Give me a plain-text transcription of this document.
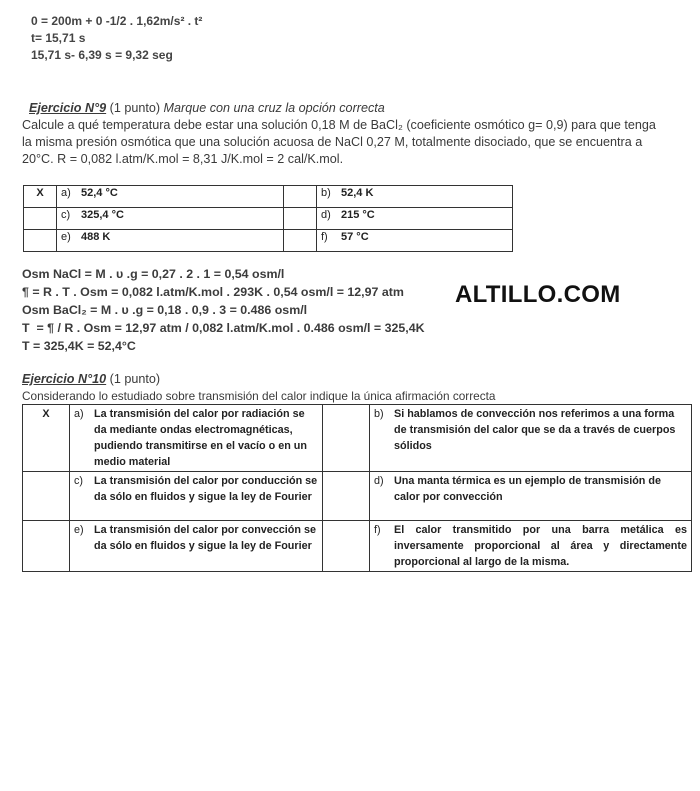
0 = 200m + 0 -1/2 . 1,62m/s² . t²
t= 15,71 s
15,71 s- 6,39 s = 9,32 seg
Ejercicio N°9 (1 punto) Marque con una cruz la opción correcta
Calcule a qué temperatura debe estar una solución 0,18 M de BaCl₂ (coeficiente osmótico g= 0,9) para que tenga
la misma presión osmótica que una solución acuosa de NaCl 0,27 M, totalmente disociado, que se encuentra a
20°C. R = 0,082 l.atm/K.mol = 8,31 J/K.mol = 2 cal/K.mol.
X	a) 52,4 °C		b) 52,4 K

	c) 325,4 °C		d) 215 °C

	e) 488 K		f) 57 °C
Osm NaCl = M . υ .g = 0,27 . 2 . 1 = 0,54 osm/l
¶ = R . T . Osm = 0,082 l.atm/K.mol . 293K . 0,54 osm/l = 12,97 atm
Osm BaCl₂ = M . υ .g = 0,18 . 0,9 . 3 = 0.486 osm/l
T  = ¶ / R . Osm = 12,97 atm / 0,082 l.atm/K.mol . 0.486 osm/l = 325,4K
T = 325,4K = 52,4°C
ALTILLO.COM
Ejercicio N°10 (1 punto)
Considerando lo estudiado sobre transmisión del calor indique la única afirmación correcta
X	a) La transmisión del calor por radiación se da mediante ondas electromagnéticas, pudiendo transmitirse en el vacío o en un medio material		b) Si hablamos de convección nos referimos a una forma de transmisión del calor que se da a través de cuerpos sólidos

	c) La transmisión del calor por conducción se da sólo en fluidos y sigue la ley de Fourier		d) Una manta térmica es un ejemplo de transmisión de calor por convección

	e) La transmisión del calor por convección se da sólo en fluidos y sigue la ley de Fourier		f) El calor transmitido por una barra metálica es inversamente proporcional al área y directamente proporcional al largo de la misma.
